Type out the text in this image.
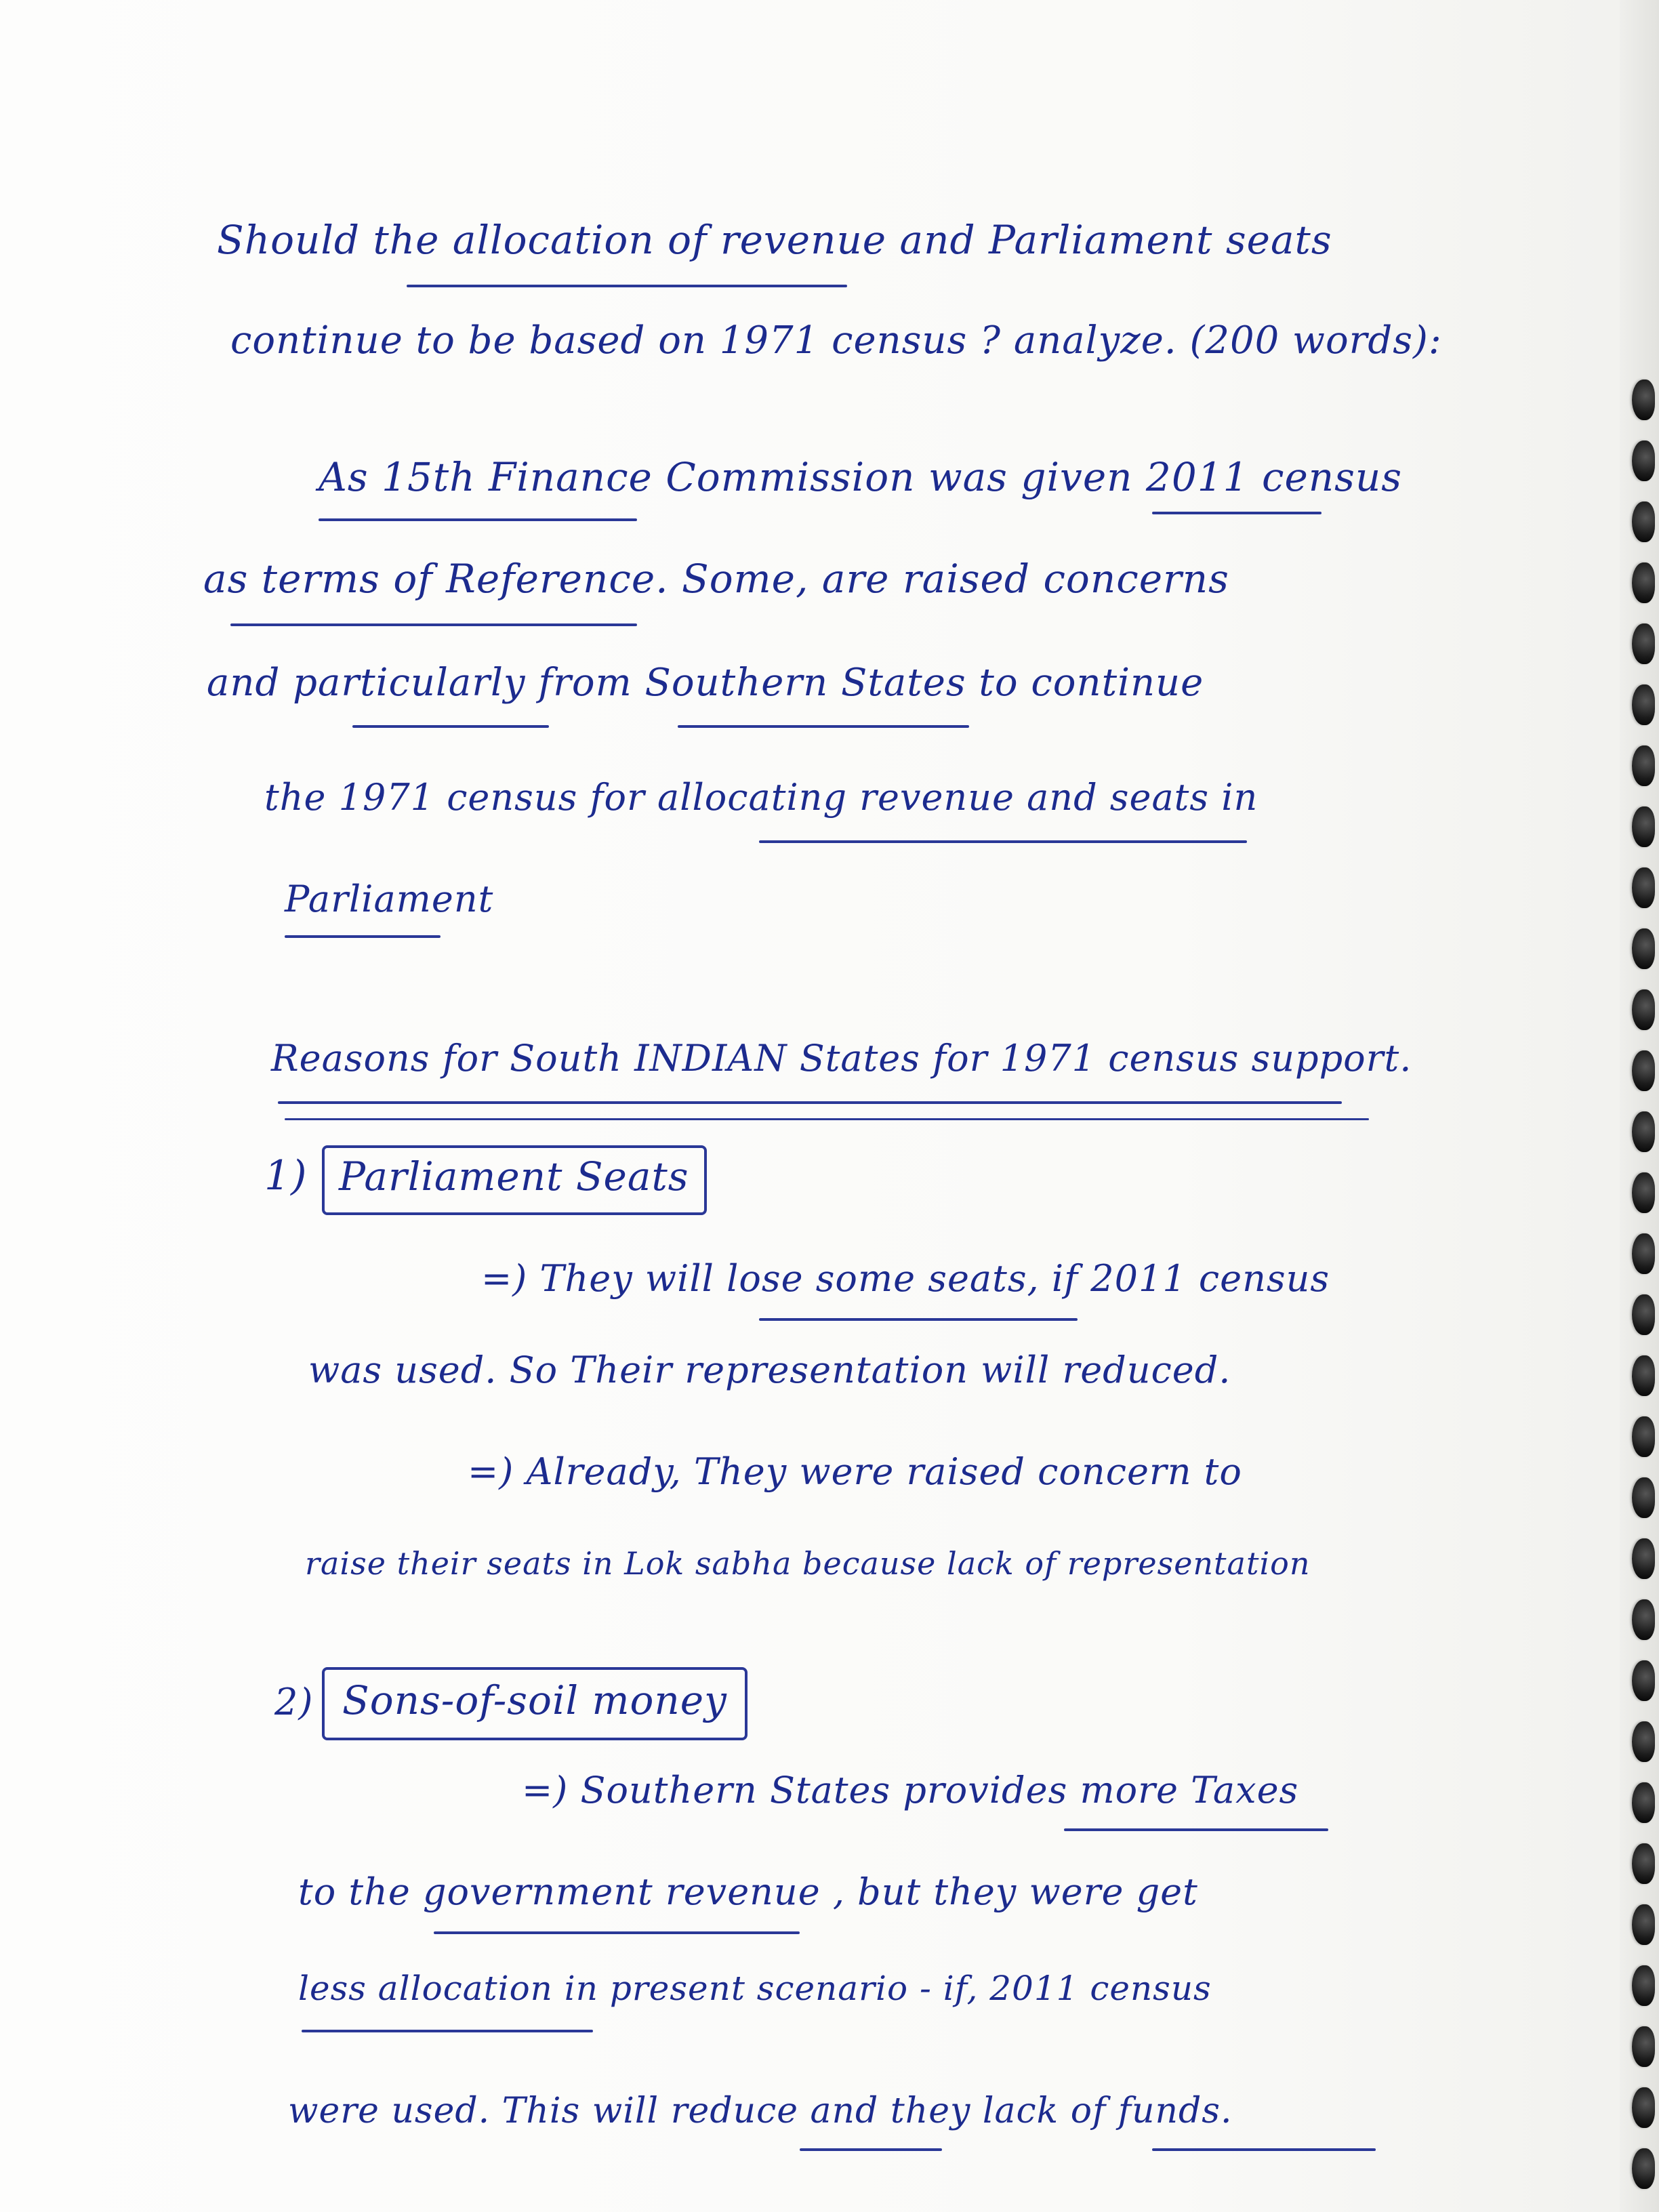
Should the allocation of revenue and Parliament seats
continue to be based on 1971 census ? analyze. (200 words):
As 15th Finance Commission was given 2011 census
as terms of Reference. Some, are raised concerns
and particularly from Southern States to continue
the 1971 census for allocating revenue and seats in
Parliament
Reasons for South INDIAN States for 1971 census support.
1) Parliament Seats
=) They will lose some seats, if 2011 census
was used. So Their representation will reduced.
=) Already, They were raised concern to
raise their seats in Lok sabha because lack of representation
2) Sons-of-soil money
=) Southern States provides more Taxes
to the government revenue , but they were get
less allocation in present scenario - if, 2011 census
were used. This will reduce and they lack of funds.
